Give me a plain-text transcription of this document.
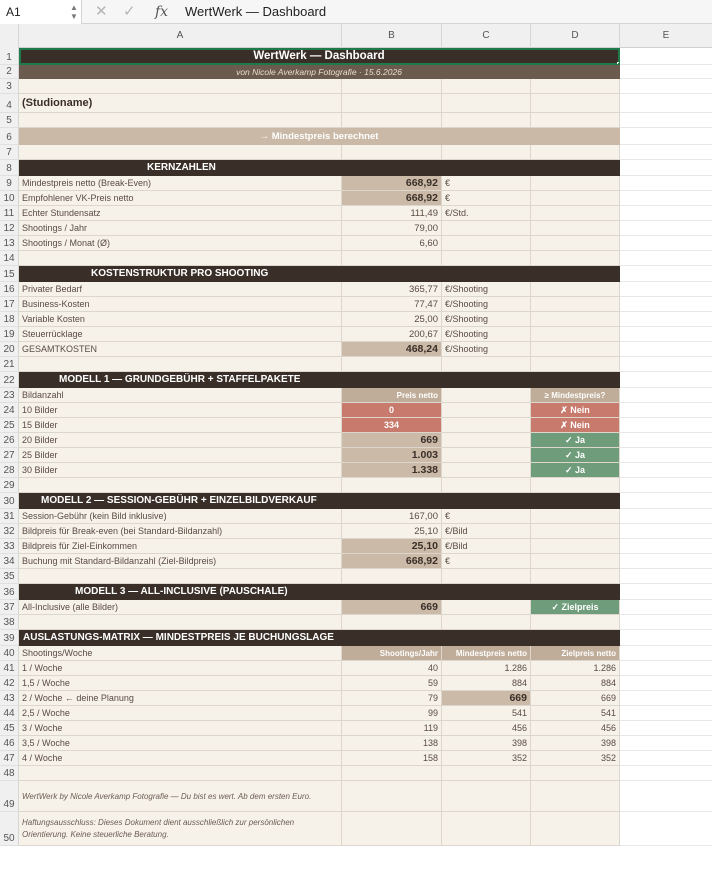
A1	▲
▼ ✕ ✓ fx WertWerk — Dashboard
A	B	C	D	E
1	WertWerk — Dashboard
2	von Nicole Averkamp Fotografie · 15.6.2026
3
4 (Studioname)
5
6	→ Mindestpreis berechnet
7
8	KERNZAHLEN
9	Mindestpreis netto (Break-Even)	668,92 €
10 Empfohlener VK-Preis netto	668,92 €
11 Echter Stundensatz	111,49 €/Std.
12 Shootings / Jahr	79,00
13 Shootings / Monat (Ø)	6,60
14
15	KOSTENSTRUKTUR PRO SHOOTING
16 Privater Bedarf	365,77 €/Shooting
17 Business-Kosten	77,47 €/Shooting
18 Variable Kosten	25,00 €/Shooting
19 Steuerrücklage	200,67 €/Shooting
20 GESAMTKOSTEN	468,24 €/Shooting
21
22	MODELL 1 — GRUNDGEBÜHR + STAFFELPAKETE
23 Bildanzahl	Preis netto	≥ Mindestpreis?
24 10 Bilder	0	✗ Nein
25 15 Bilder	334	✗ Nein
26 20 Bilder	669	✓ Ja
27 25 Bilder	1.003	✓ Ja
28 30 Bilder	1.338	✓ Ja
29
30	MODELL 2 — SESSION-GEBÜHR + EINZELBILDVERKAUF
31 Session-Gebühr (kein Bild inklusive)	167,00 €
32 Bildpreis für Break-even (bei Standard-Bildanzahl)	25,10 €/Bild
33 Bildpreis für Ziel-Einkommen	25,10 €/Bild
34 Buchung mit Standard-Bildanzahl (Ziel-Bildpreis)	668,92 €
35
36	MODELL 3 — ALL-INCLUSIVE (PAUSCHALE)
37 All-Inclusive (alle Bilder)	669	✓ Zielpreis
38
39 AUSLASTUNGS-MATRIX — MINDESTPREIS JE BUCHUNGSLAGE
40 Shootings/Woche	Shootings/Jahr	Mindestpreis netto	Zielpreis netto
41 1 / Woche	40	1.286	1.286
42 1,5 / Woche	59	884	884
43 2 / Woche ← deine Planung	79	669	669
44 2,5 / Woche	99	541	541
45 3 / Woche	119	456	456
46 3,5 / Woche	138	398	398
47 4 / Woche	158	352	352
48
49
WertWerk by Nicole Averkamp Fotografie — Du bist es wert. Ab dem ersten Euro.
50
Haftungsausschluss: Dieses Dokument dient ausschließlich zur persönlichen
Orientierung. Keine steuerliche Beratung.
